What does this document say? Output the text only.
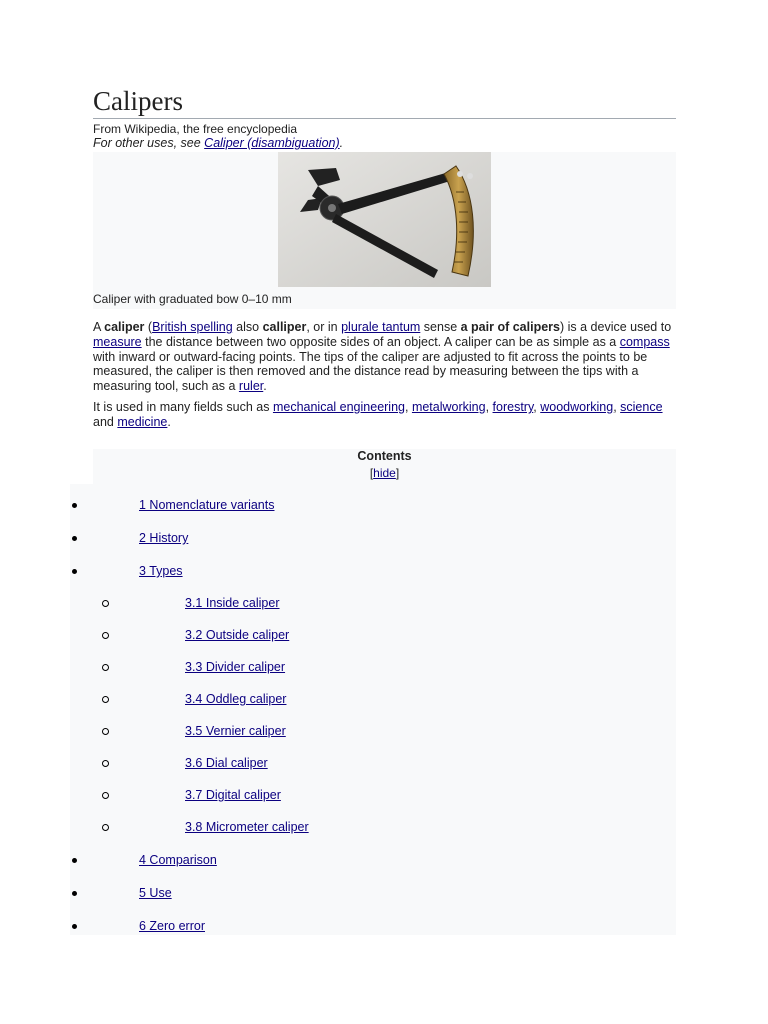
Calipers
From Wikipedia, the free encyclopedia
For other uses, see Caliper (disambiguation).
Caliper with graduated bow 0–10 mm

A caliper (British spelling also calliper, or in plurale tantum sense a pair of calipers) is a device used to measure the distance between two opposite sides of an object. A caliper can be as simple as a compass with inward or outward-facing points. The tips of the caliper are adjusted to fit across the points to be measured, the caliper is then removed and the distance read by measuring between the tips with a measuring tool, such as a ruler.

It is used in many fields such as mechanical engineering, metalworking, forestry, woodworking, science and medicine.

Contents
[hide]
1 Nomenclature variants
2 History
3 Types
3.1 Inside caliper
3.2 Outside caliper
3.3 Divider caliper
3.4 Oddleg caliper
3.5 Vernier caliper
3.6 Dial caliper
3.7 Digital caliper
3.8 Micrometer caliper
4 Comparison
5 Use
6 Zero error
